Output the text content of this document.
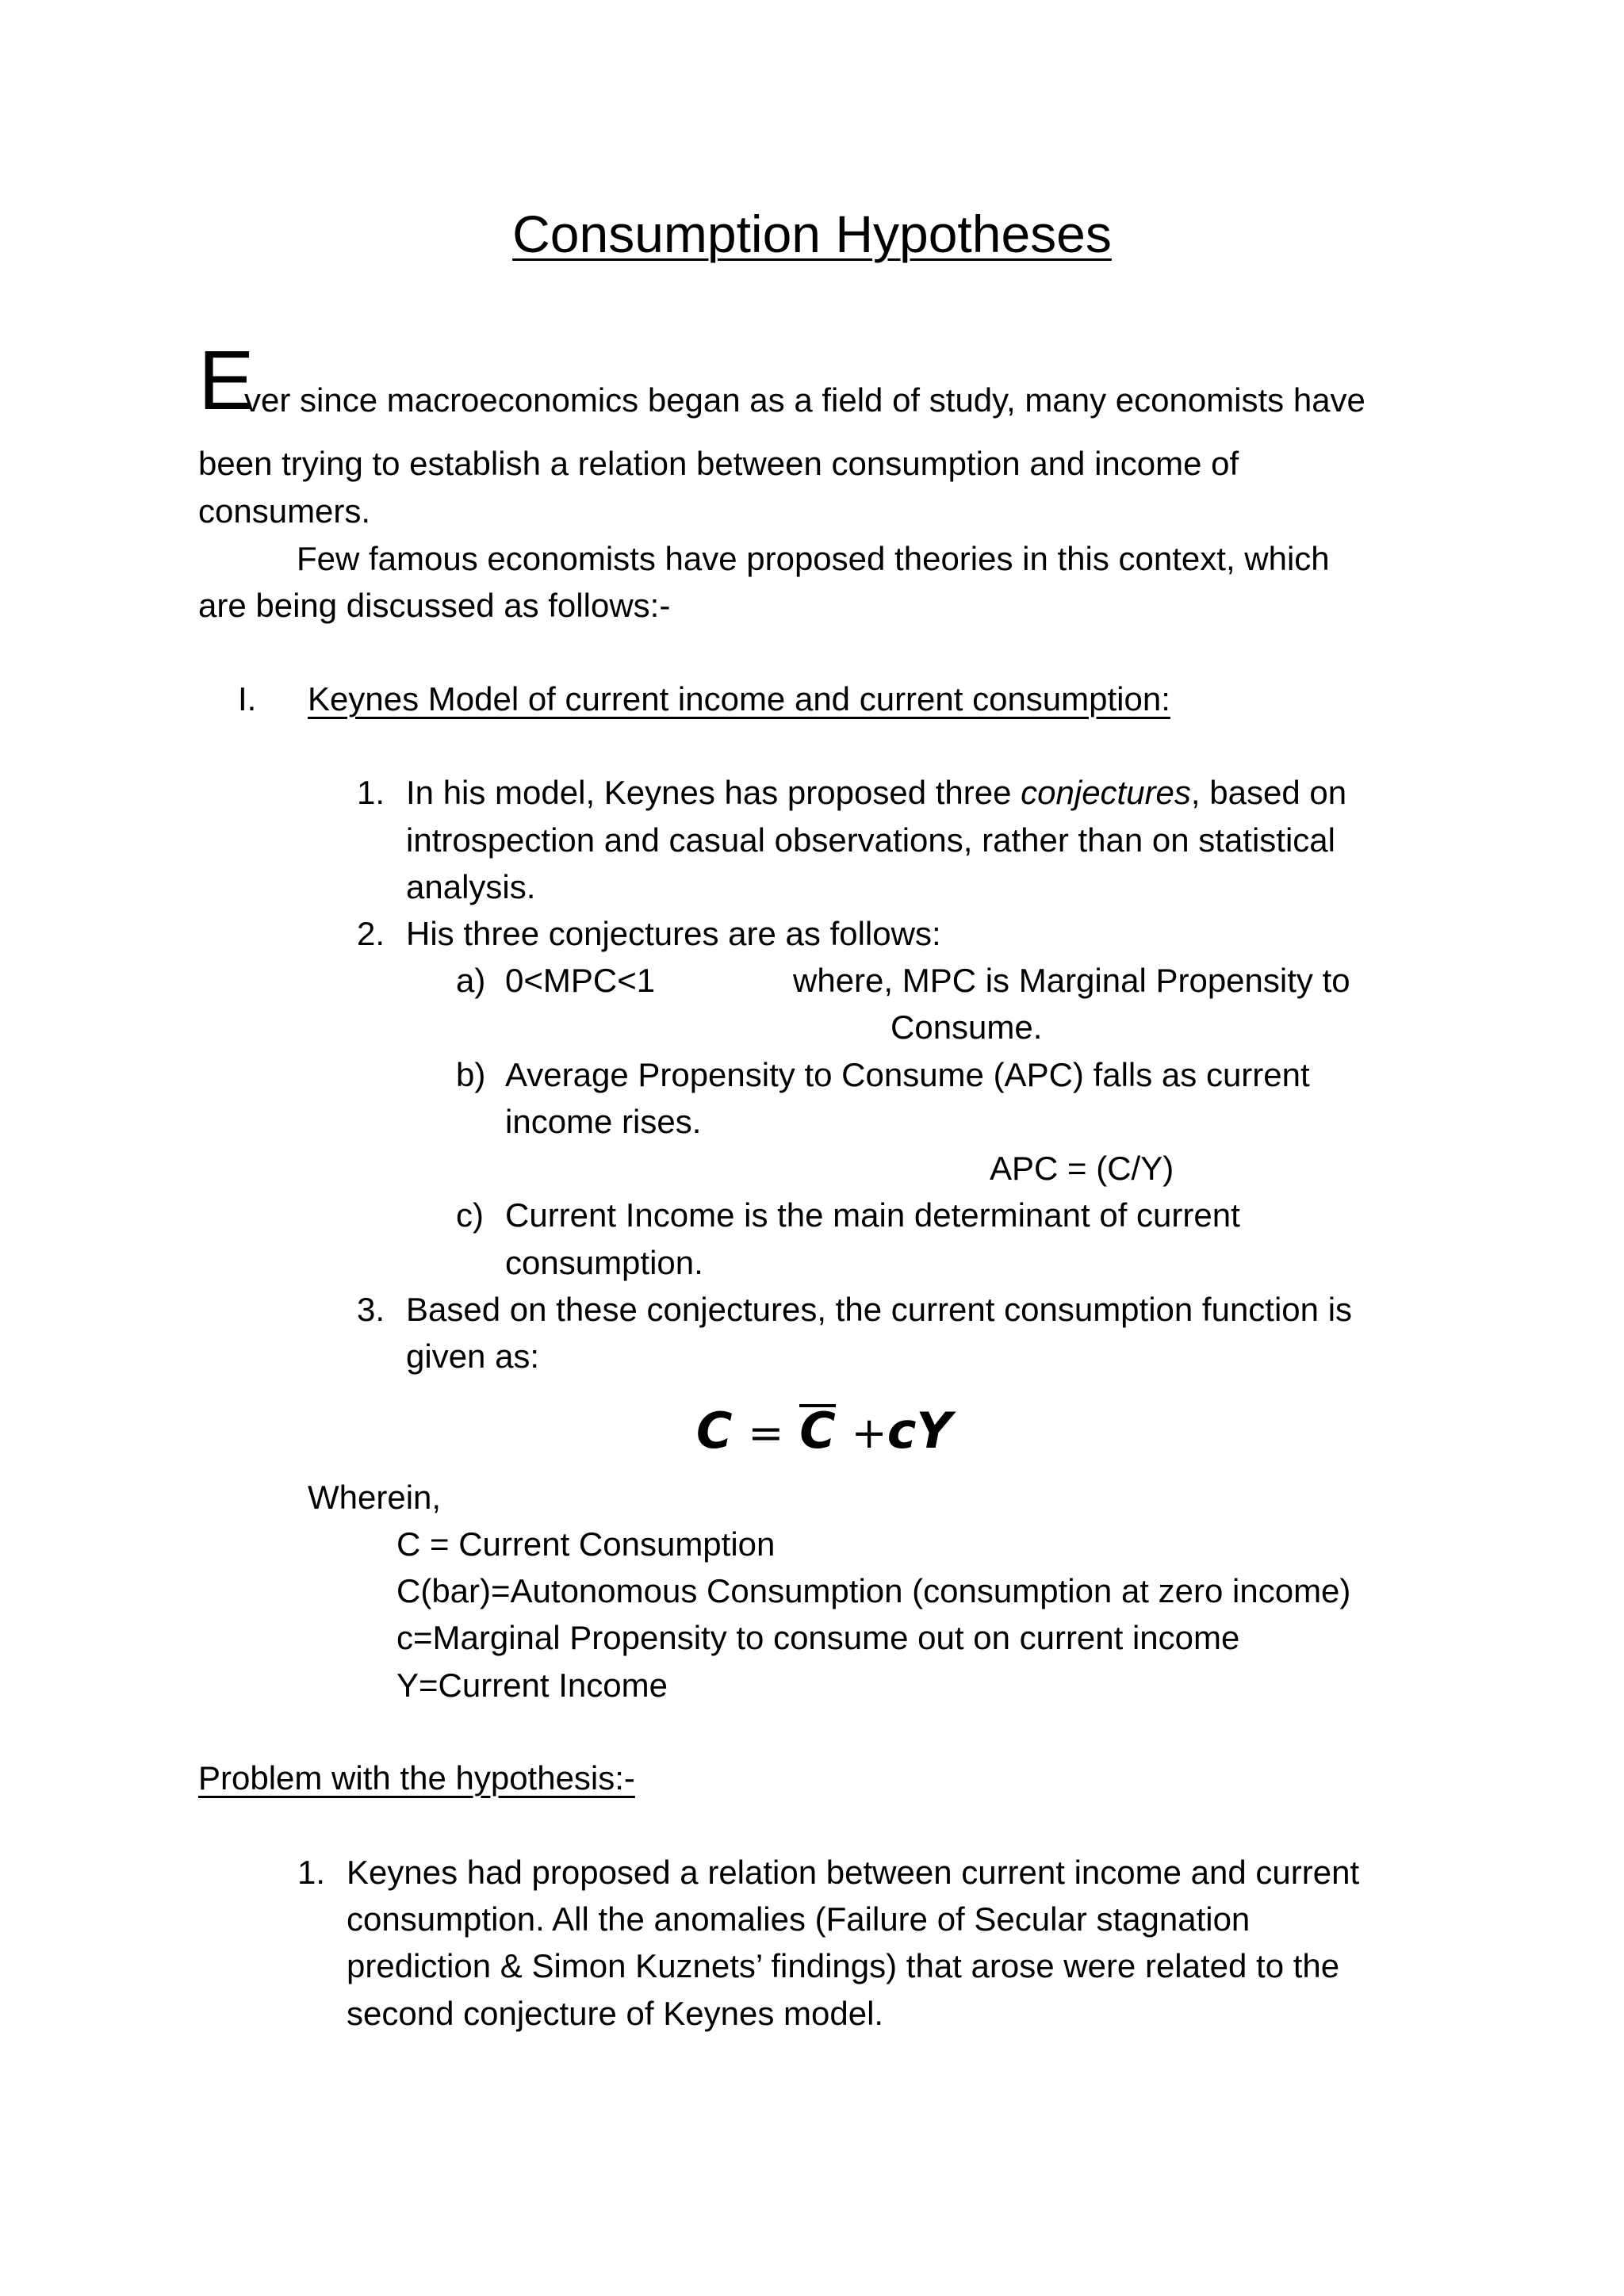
Consumption Hypotheses
E
ver since macroeconomics began as a field of study, many economists have
been trying to establish a relation between consumption and income of
consumers.
Few famous economists have proposed theories in this context, which
are being discussed as follows:-
I. Keynes Model of current income and current consumption:
1. In his model, Keynes has proposed three conjectures, based on
introspection and casual observations, rather than on statistical
analysis.
2. His three conjectures are as follows:
a) 0<MPC<1	where, MPC is Marginal Propensity to
Consume.
b) Average Propensity to Consume (APC) falls as current
income rises.
APC = (C/Y)
c) Current Income is the main determinant of current
consumption.
3. Based on these conjectures, the current consumption function is
given as:
C = C +cY
Wherein,
C = Current Consumption
C(bar)=Autonomous Consumption (consumption at zero income)
c=Marginal Propensity to consume out on current income
Y=Current Income
Problem with the hypothesis:-
1. Keynes had proposed a relation between current income and current
consumption. All the anomalies (Failure of Secular stagnation
prediction & Simon Kuznets’ findings) that arose were related to the
second conjecture of Keynes model.
